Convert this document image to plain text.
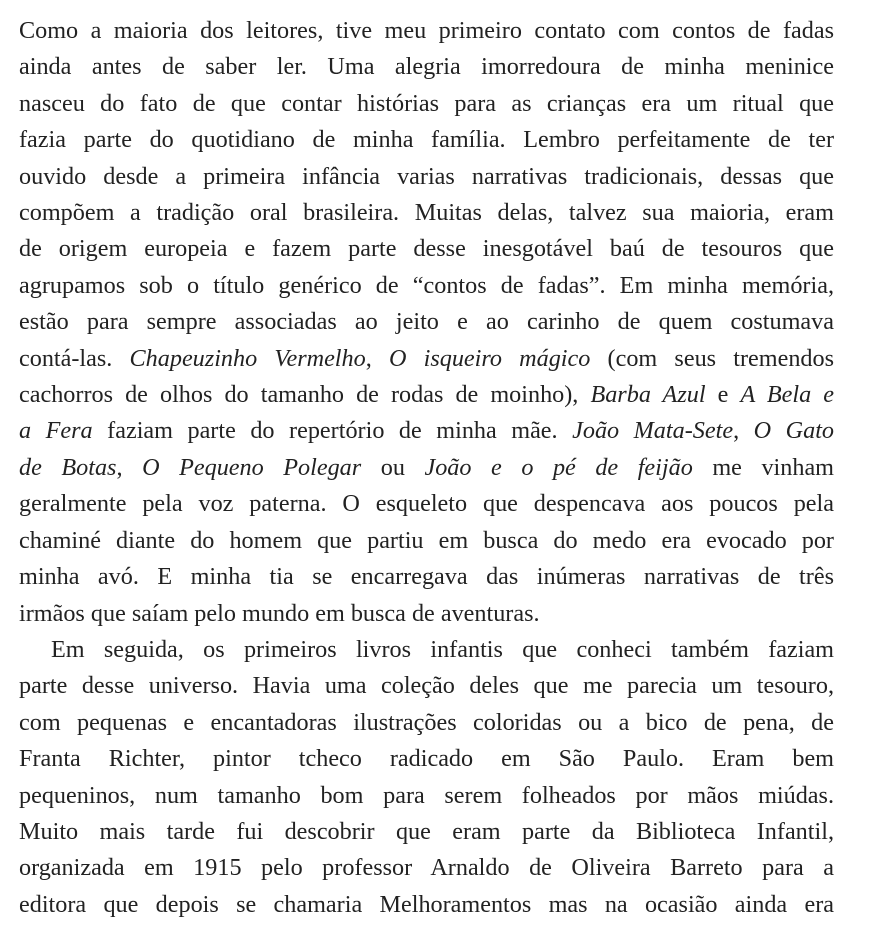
Como a maioria dos leitores, tive meu primeiro contato com contos de fadas
ainda antes de saber ler. Uma alegria imorredoura de minha meninice
nasceu do fato de que contar histórias para as crianças era um ritual que
fazia parte do quotidiano de minha família. Lembro perfeitamente de ter
ouvido desde a primeira infância varias narrativas tradicionais, dessas que
compõem a tradição oral brasileira. Muitas delas, talvez sua maioria, eram
de origem europeia e fazem parte desse inesgotável baú de tesouros que
agrupamos sob o título genérico de “contos de fadas”. Em minha memória,
estão para sempre associadas ao jeito e ao carinho de quem costumava
contá-las. Chapeuzinho Vermelho, O isqueiro mágico (com seus tremendos
cachorros de olhos do tamanho de rodas de moinho), Barba Azul e A Bela e
a Fera faziam parte do repertório de minha mãe. João Mata-Sete, O Gato
de Botas, O Pequeno Polegar ou João e o pé de feijão me vinham
geralmente pela voz paterna. O esqueleto que despencava aos poucos pela
chaminé diante do homem que partiu em busca do medo era evocado por
minha avó. E minha tia se encarregava das inúmeras narrativas de três
irmãos que saíam pelo mundo em busca de aventuras.

Em seguida, os primeiros livros infantis que conheci também faziam
parte desse universo. Havia uma coleção deles que me parecia um tesouro,
com pequenas e encantadoras ilustrações coloridas ou a bico de pena, de
Franta Richter, pintor tcheco radicado em São Paulo. Eram bem
pequeninos, num tamanho bom para serem folheados por mãos miúdas.
Muito mais tarde fui descobrir que eram parte da Biblioteca Infantil,
organizada em 1915 pelo professor Arnaldo de Oliveira Barreto para a
editora que depois se chamaria Melhoramentos mas na ocasião ainda era
